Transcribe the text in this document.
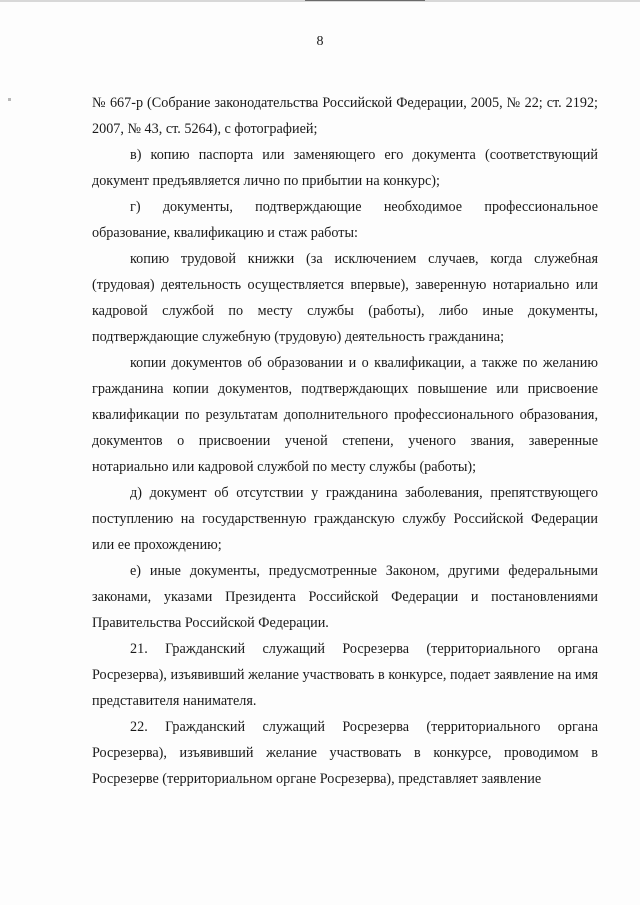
8

№ 667-р (Собрание законодательства Российской Федерации, 2005, № 22; ст. 2192; 2007, № 43, ст. 5264), с фотографией;

в) копию паспорта или заменяющего его документа (соответствующий документ предъявляется лично по прибытии на конкурс);

г) документы, подтверждающие необходимое профессиональное образование, квалификацию и стаж работы:

копию трудовой книжки (за исключением случаев, когда служебная (трудовая) деятельность осуществляется впервые), заверенную нотариально или кадровой службой по месту службы (работы), либо иные документы, подтверждающие служебную (трудовую) деятельность гражданина;

копии документов об образовании и о квалификации, а также по желанию гражданина копии документов, подтверждающих повышение или присвоение квалификации по результатам дополнительного профессионального образования, документов о присвоении ученой степени, ученого звания, заверенные нотариально или кадровой службой по месту службы (работы);

д) документ об отсутствии у гражданина заболевания, препятствующего поступлению на государственную гражданскую службу Российской Федерации или ее прохождению;

е) иные документы, предусмотренные Законом, другими федеральными законами, указами Президента Российской Федерации и постановлениями Правительства Российской Федерации.

21. Гражданский служащий Росрезерва (территориального органа Росрезерва), изъявивший желание участвовать в конкурсе, подает заявление на имя представителя нанимателя.

22. Гражданский служащий Росрезерва (территориального органа Росрезерва), изъявивший желание участвовать в конкурсе, проводимом в Росрезерве (территориальном органе Росрезерва), представляет заявление
